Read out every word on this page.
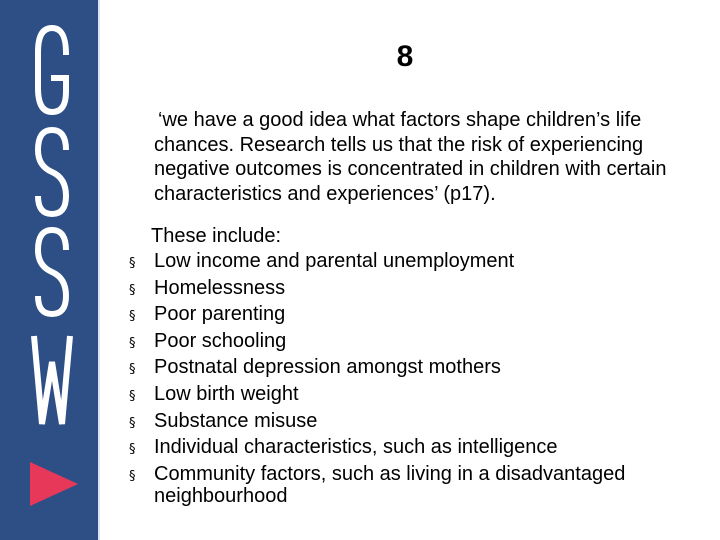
8

‘we have a good idea what factors shape children’s life chances. Research tells us that the risk of experiencing negative outcomes is concentrated in children with certain characteristics and experiences’ (p17).

These include:

§ Low income and parental unemployment
§ Homelessness
§ Poor parenting
§ Poor schooling
§ Postnatal depression amongst mothers
§ Low birth weight
§ Substance misuse
§ Individual characteristics, such as intelligence
§ Community factors, such as living in a disadvantaged neighbourhood
